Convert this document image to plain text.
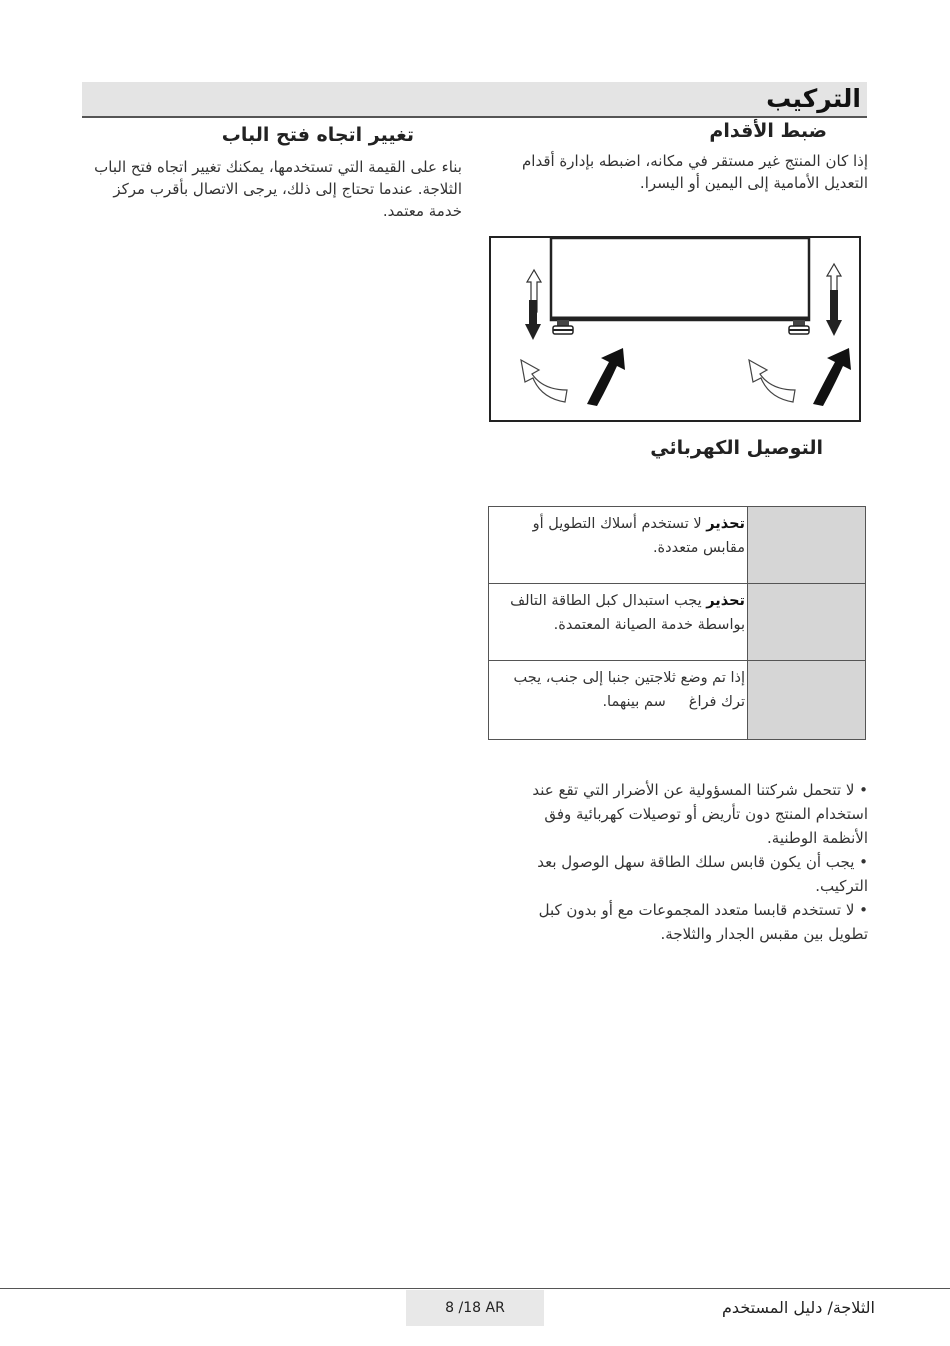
التركيب
ضبط الأقدام
إذا كان المنتج غير مستقر في مكانه، اضبطه بإدارة أقدام التعديل الأمامية إلى اليمين أو اليسرا.
تغيير اتجاه فتح الباب
بناء على القيمة التي تستخدمها، يمكنك تغيير اتجاه فتح الباب الثلاجة. عندما تحتاج إلى ذلك، يرجى الاتصال بأقرب مركز خدمة معتمد.
التوصيل الكهربائي
تحذير لا تستخدم أسلاك التطويل أو مقابس متعددة.
تحذير يجب استبدال كبل الطاقة التالف بواسطة خدمة الصيانة المعتمدة.
إذا تم وضع ثلاجتين جنبا إلى جنب، يجب ترك فراغ     سم بينهما.

• لا تتحمل شركتنا المسؤولية عن الأضرار التي تقع عند استخدام المنتج دون تأريض أو توصيلات كهربائية وفق الأنظمة الوطنية.

• يجب أن يكون قابس سلك الطاقة سهل الوصول بعد التركيب.

• لا تستخدم قابسا متعدد المجموعات مع أو بدون كبل تطويل بين مقبس الجدار والثلاجة.

8 /18 AR	الثلاجة/ دليل المستخدم
